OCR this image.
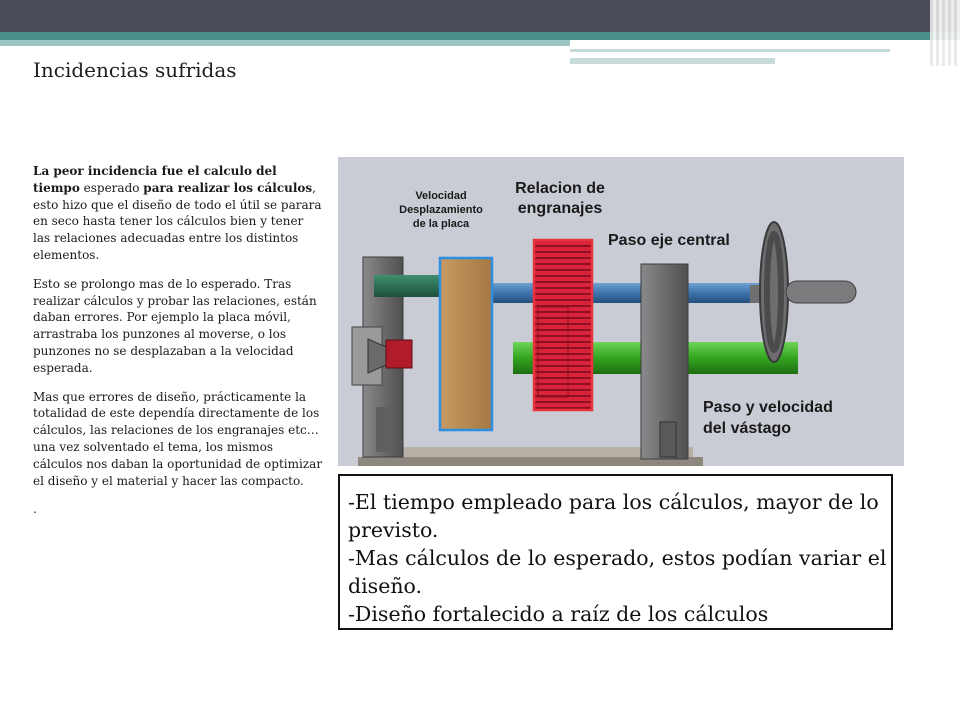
Incidencias sufridas

La peor incidencia fue el calculo del tiempo esperado para realizar los cálculos, esto hizo que el diseño de todo el útil se parara en seco hasta tener los cálculos bien y tener las relaciones adecuadas entre los distintos elementos.

Esto se prolongo mas de lo esperado. Tras realizar cálculos y probar las relaciones, están daban errores. Por ejemplo la placa móvil, arrastraba los punzones al moverse, o los punzones no se desplazaban a la velocidad esperada.

Mas que errores de diseño, prácticamente la totalidad de este dependía directamente de los cálculos, las relaciones de los engranajes etc… una vez solventado el tema, los mismos cálculos nos daban la oportunidad de optimizar el diseño y el material y hacer las compacto.

.

Velocidad
Desplazamiento
de la placa
Relacion de
engranajes
Paso eje central
Paso y velocidad
del vástago
-El tiempo empleado para los cálculos, mayor de lo previsto.
-Mas cálculos de lo esperado, estos podían variar el diseño.
-Diseño fortalecido a raíz de los cálculos
